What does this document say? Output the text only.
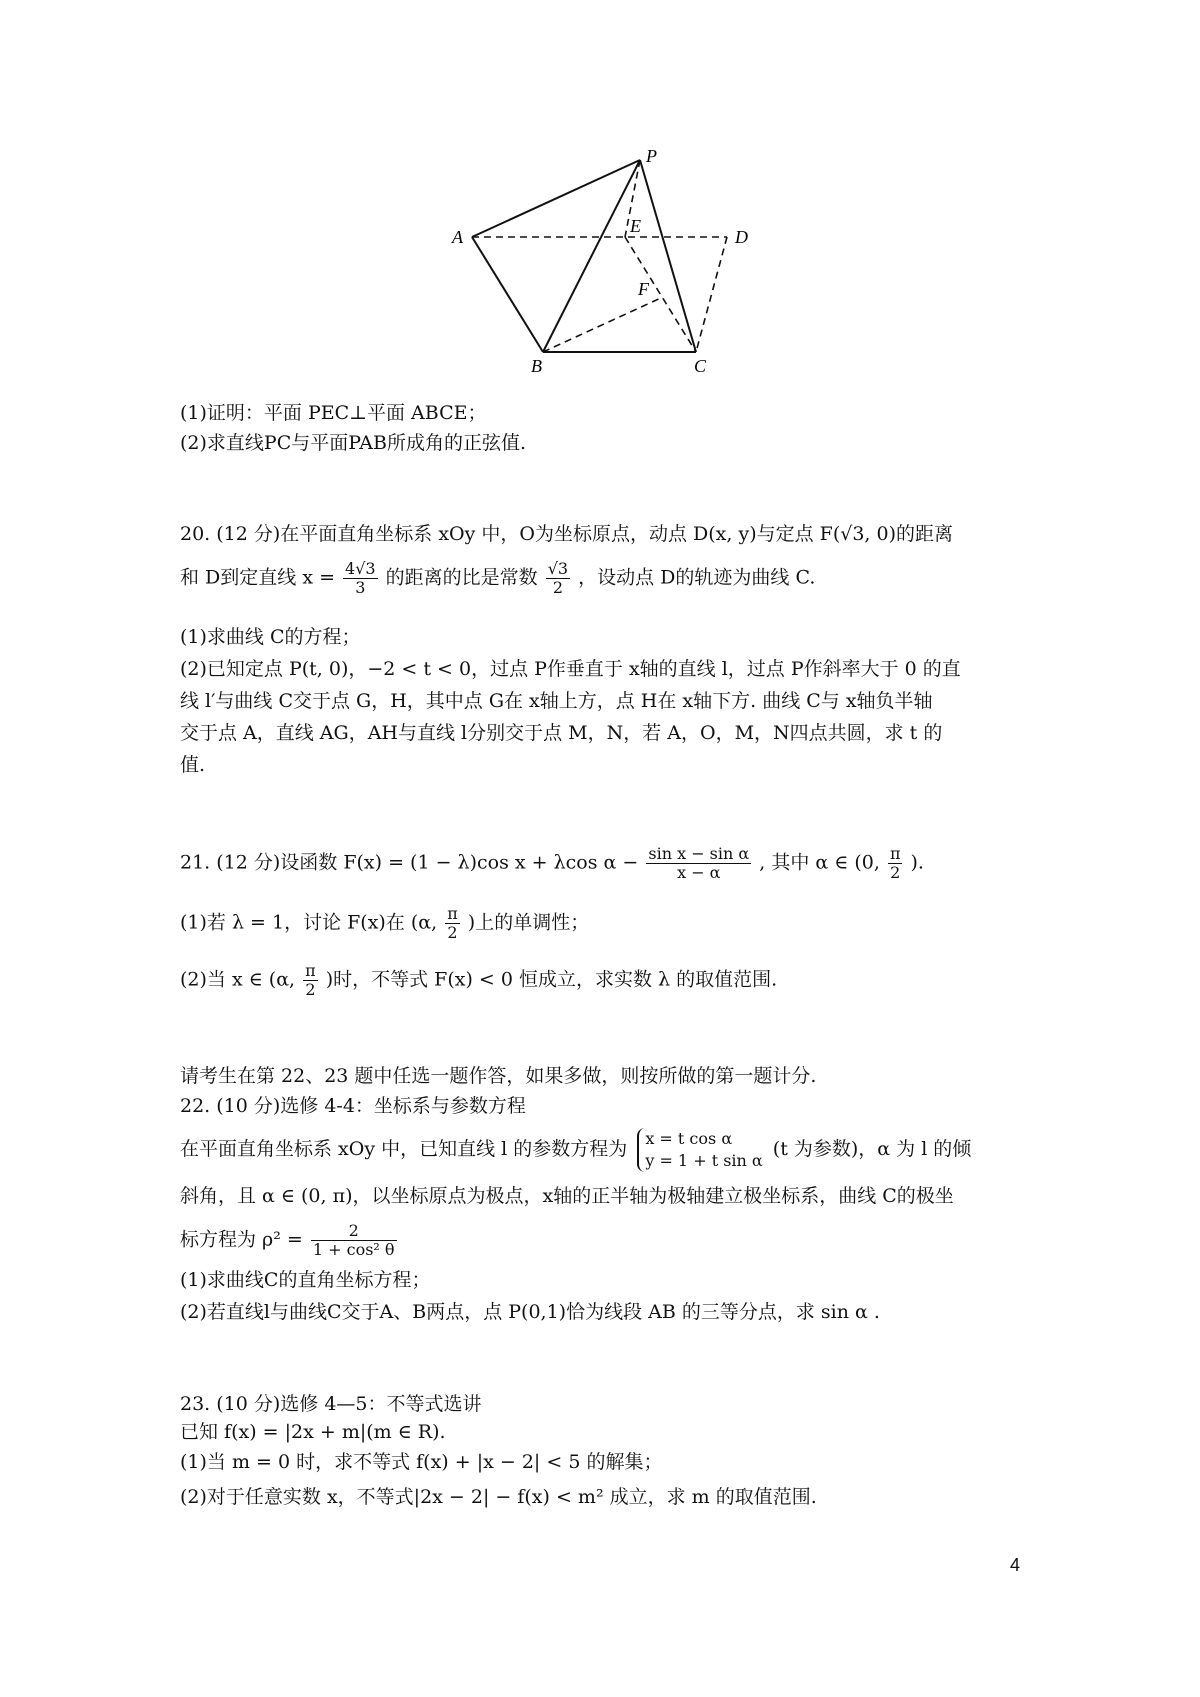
P
A
E
D
F
B	C
(1)证明：平面 PEC⊥平面 ABCE；
(2)求直线PC与平面PAB所成角的正弦值.
20. (12 分)在平面直角坐标系 xOy 中，O为坐标原点，动点 D(x, y)与定点 F(√3, 0)的距离
和 D到定直线 $x = \frac{4√3}{3}$ 的距离的比是常数 $\frac{√3}{2}$ ，设动点 D的轨迹为曲线 C.
(1)求曲线 C的方程；
(2)已知定点 P(t, 0)，−2 < t < 0，过点 P作垂直于 x轴的直线 l，过点 P作斜率大于 0 的直
线 l′与曲线 C交于点 G，H，其中点 G在 x轴上方，点 H在 x轴下方. 曲线 C与 x轴负半轴
交于点 A，直线 AG，AH与直线 l分别交于点 M，N，若 A，O，M，N四点共圆，求 t 的
值.
21. (12 分)设函数 F(x) = (1 − λ)cos x + λcos $\alpha - \frac{\text{sin x − sin α}}{x - \alpha}$ , 其中 α ∈ (0, $\frac{\pi}{2}$ ).
(1)若 λ = 1，讨论 F(x)在 (α, $\frac{\pi}{2}$ )上的单调性；
(2)当 x ∈ (α, $\frac{\pi}{2}$ )时，不等式 F(x) < 0 恒成立，求实数 λ 的取值范围.
请考生在第 22、23 题中任选一题作答，如果多做，则按所做的第一题计分.
22. (10 分)选修 4-4：坐标系与参数方程
在平面直角坐标系 xOy 中，已知直线 l 的参数方程为 x = t cos α
y = 1 + t sin α
(t 为参数)，α 为 l 的倾
斜角，且 α ∈ (0, π)，以坐标原点为极点，x轴的正半轴为极轴建立极坐标系，曲线 C的极坐
标方程为 $\rho^2 = \frac{2}{\text{1 + cos² θ}}$
(1)求曲线C的直角坐标方程；
(2)若直线l与曲线C交于A、B两点，点 P(0,1)恰为线段 AB 的三等分点，求 sin α .
23. (10 分)选修 4—5：不等式选讲
已知 f(x) = |2x + m|(m ∈ R).
(1)当 m = 0 时，求不等式 f(x) + |x − 2| < 5 的解集；
(2)对于任意实数 x，不等式|2x − 2| − f(x) < m² 成立，求 m 的取值范围.
4
